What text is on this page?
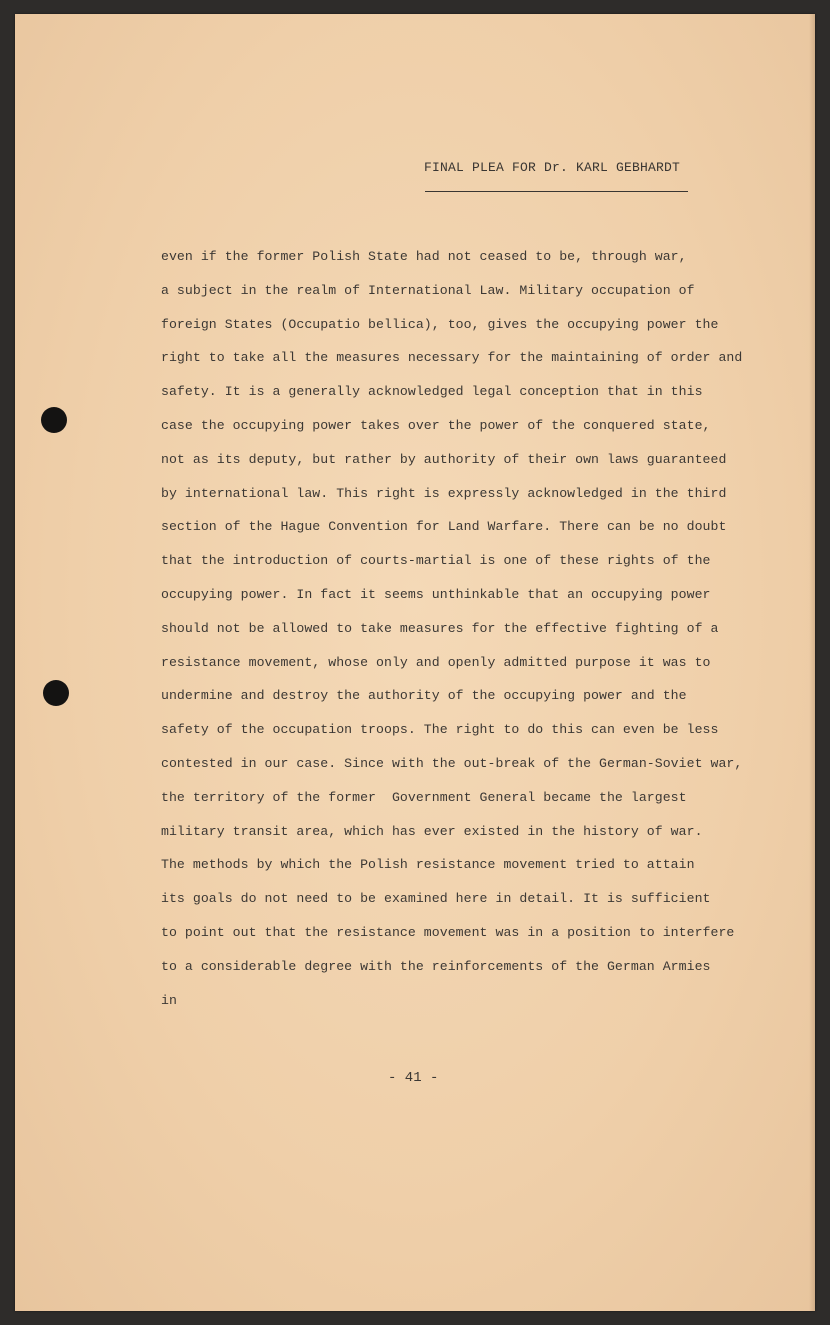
FINAL PLEA FOR Dr. KARL GEBHARDT
even if the former Polish State had not ceased to be, through war,
a subject in the realm of International Law. Military occupation of
foreign States (Occupatio bellica), too, gives the occupying power the
right to take all the measures necessary for the maintaining of order and
safety. It is a generally acknowledged legal conception that in this
case the occupying power takes over the power of the conquered state,
not as its deputy, but rather by authority of their own laws guaranteed
by international law. This right is expressly acknowledged in the third
section of the Hague Convention for Land Warfare. There can be no doubt
that the introduction of courts-martial is one of these rights of the
occupying power. In fact it seems unthinkable that an occupying power
should not be allowed to take measures for the effective fighting of a
resistance movement, whose only and openly admitted purpose it was to
undermine and destroy the authority of the occupying power and the
safety of the occupation troops. The right to do this can even be less
contested in our case. Since with the out-break of the German-Soviet war,
the territory of the former  Government General became the largest
military transit area, which has ever existed in the history of war.
The methods by which the Polish resistance movement tried to attain
its goals do not need to be examined here in detail. It is sufficient
to point out that the resistance movement was in a position to interfere
to a considerable degree with the reinforcements of the German Armies
in
- 41 -
